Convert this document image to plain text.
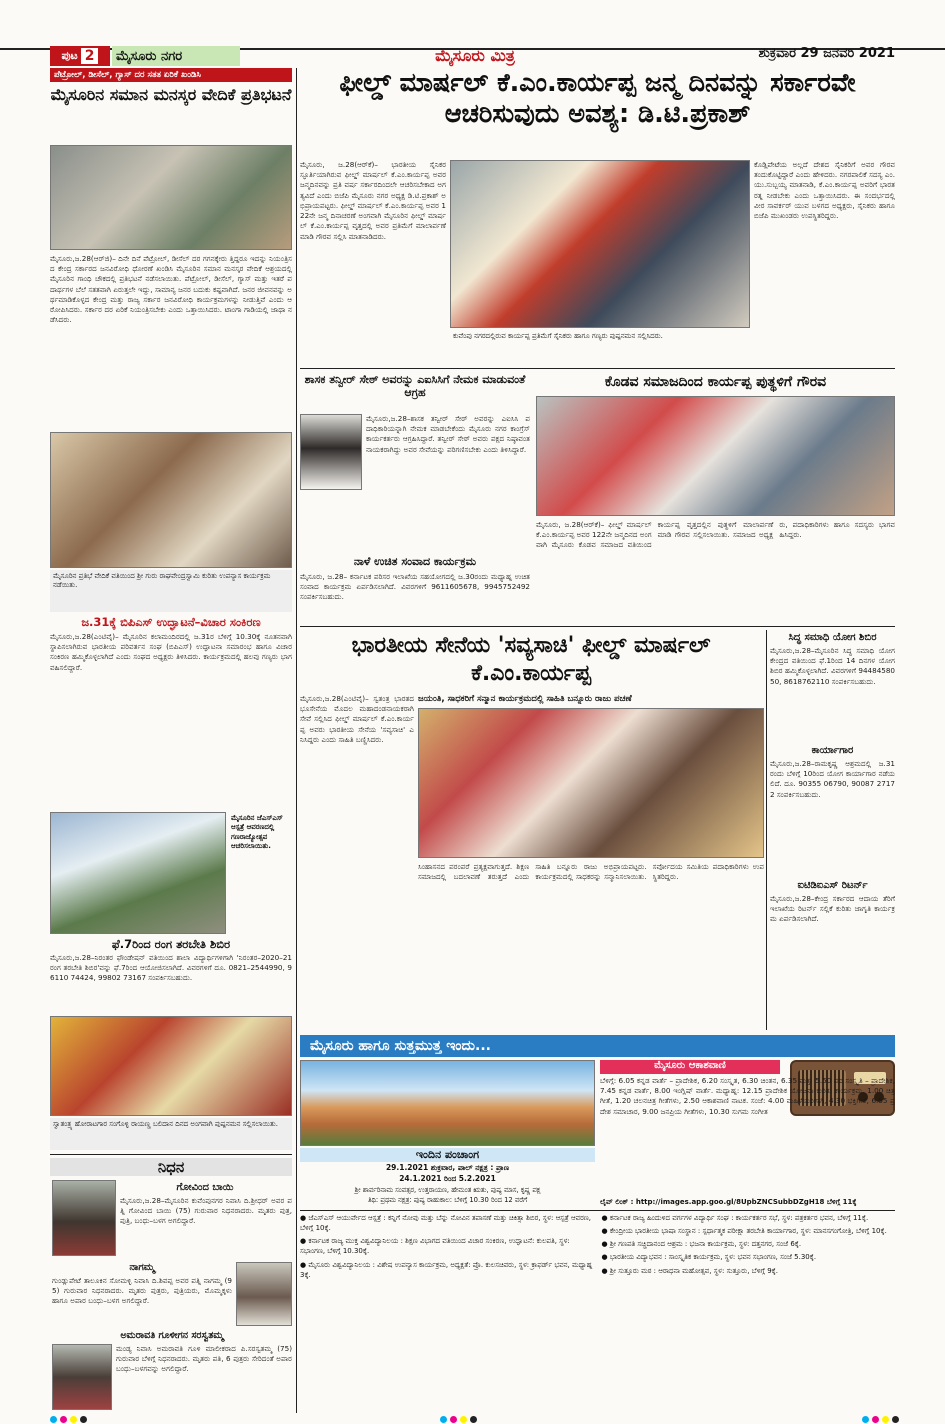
ಪುಟ 2	ಮೈಸೂರು ನಗರ	ಮೈಸೂರು ಮಿತ್ರ	ಶುಕ್ರವಾರ 29 ಜನವರಿ 2021
ಪೆಟ್ರೋಲ್, ಡೀಸೆಲ್, ಗ್ಯಾಸ್ ದರ ಸತತ ಏರಿಕೆ ಖಂಡಿಸಿ
ಮೈಸೂರಿನ ಸಮಾನ ಮನಸ್ಕರ ವೇದಿಕೆ ಪ್ರತಿಭಟನೆ
ಮೈಸೂರು,ಜ.28(ಆರ್‌ಜಿ)– ದಿನೇ ದಿನೆ ಪೆಟ್ರೋಲ್, ಡೀಸೆಲ್ ದರ ಗಗನಕ್ಕೇರು ತ್ತಿದ್ದರೂ ಇದನ್ನು ನಿಯಂತ್ರಿಸದ ಕೇಂದ್ರ ಸರ್ಕಾರದ ಜನವಿರೋಧಿ ಧೋರಣೆ ಖಂಡಿಸಿ ಮೈಸೂರಿನ ಸಮಾನ ಮನಸ್ಕರ ವೇದಿಕೆ ಆಶ್ರಯದಲ್ಲಿ ಮೈಸೂರಿನ ಗಾಂಧಿ ಚೌಕದಲ್ಲಿ ಪ್ರತಿಭಟನೆ ನಡೆಸಲಾಯಿತು. ಪೆಟ್ರೋಲ್, ಡೀಸೆಲ್, ಗ್ಯಾಸ್ ಮತ್ತು ಇತರೆ ಪದಾರ್ಥಗಳ ಬೆಲೆ ಸತತವಾಗಿ ಏರುತ್ತಲೇ ಇದ್ದು, ಸಾಮಾನ್ಯ ಜನರ ಬದುಕು ಕಷ್ಟವಾಗಿದೆ. ಜನರ ಜೀವನವನ್ನು ಅರ್ಥಮಾಡಿಕೊಳ್ಳದ ಕೇಂದ್ರ ಮತ್ತು ರಾಜ್ಯ ಸರ್ಕಾರ ಜನವಿರೋಧಿ ಕಾರ್ಯಕ್ರಮಗಳನ್ನು ನೀಡುತ್ತಿವೆ ಎಂದು ಆರೋಪಿಸಿದರು. ಸರ್ಕಾರ ದರ ಏರಿಕೆ ನಿಯಂತ್ರಿಸಬೇಕು ಎಂದು ಒತ್ತಾಯಿಸಿದರು. ಟಾಂಗಾ ಗಾಡಿಯಲ್ಲಿ ಜಾಥಾ ನಡೆಸಿದರು.
ಮೈಸೂರಿನ ಪ್ರತಿಭೆ ವೇದಿಕೆ ವತಿಯಿಂದ ಶ್ರೀ ಗುರು ರಾಘವೇಂದ್ರಸ್ವಾಮಿ ಕುರಿತು ಉಪನ್ಯಾಸ ಕಾರ್ಯಕ್ರಮ ನಡೆಯಿತು.
ಜ.31ಕ್ಕೆ ಬಿಪಿಎಸ್ ಉದ್ಘಾಟನೆ–ವಿಚಾರ ಸಂಕಿರಣ
ಮೈಸೂರು,ಜ.28(ಎಂಟಿವೈ)– ಮೈಸೂರಿನ ಕಲಾಮಂದಿರದಲ್ಲಿ ಜ.31ರ ಬೆಳಿಗ್ಗೆ 10.30ಕ್ಕೆ ನೂತನವಾಗಿ ಸ್ಥಾಪಿಸಲಾಗಿರುವ ಭಾರತೀಯ ಪರಿವರ್ತನ ಸಂಘ (ಬಿಪಿಎಸ್) ಉದ್ಘಾಟನಾ ಸಮಾರಂಭ ಹಾಗೂ ವಿಚಾರ ಸಂಕಿರಣ ಹಮ್ಮಿಕೊಳ್ಳಲಾಗಿದೆ ಎಂದು ಸಂಘದ ಅಧ್ಯಕ್ಷರು ತಿಳಿಸಿದರು. ಕಾರ್ಯಕ್ರಮದಲ್ಲಿ ಹಲವು ಗಣ್ಯರು ಭಾಗವಹಿಸಲಿದ್ದಾರೆ.
ಮೈಸೂರಿನ ಜೆಎಸ್‌ಎಸ್ ಆಸ್ಪತ್ರೆ ಆವರಣದಲ್ಲಿ ಗಣರಾಜ್ಯೋತ್ಸವ ಆಚರಿಸಲಾಯಿತು.
ಫೆ.7ರಿಂದ ರಂಗ ತರಬೇತಿ ಶಿಬಿರ
ಮೈಸೂರು,ಜ.28–ನಿರಂತರ ಫೌಂಡೇಷನ್ ವತಿಯಿಂದ ಶಾಲಾ ವಿದ್ಯಾರ್ಥಿಗಳಿಗಾಗಿ 'ನಿರಂತರ–2020–21 ರಂಗ ತರಬೇತಿ ಶಿಬಿರ'ವನ್ನು ಫೆ.7ರಿಂದ ಆಯೋಜಿಸಲಾಗಿದೆ. ವಿವರಗಳಿಗೆ ದೂ. 0821–2544990, 96110 74424, 99802 73167 ಸಂಪರ್ಕಿಸಬಹುದು.
ಸ್ವಾತಂತ್ರ್ಯ ಹೋರಾಟಗಾರ ಸಂಗೊಳ್ಳಿ ರಾಯಣ್ಣ ಬಲಿದಾನ ದಿನದ ಅಂಗವಾಗಿ ಪುಷ್ಪನಮನ ಸಲ್ಲಿಸಲಾಯಿತು.
ನಿಧನ
ಗೋವಿಂದ ಬಾಯಿ
ಮೈಸೂರು,ಜ.28–ಮೈಸೂರಿನ ಕುವೆಂಪುನಗರ ನಿವಾಸಿ ದಿ.ಶ್ರೀಧರ್ ಅವರ ಪತ್ನಿ ಗೋವಿಂದ ಬಾಯಿ (75) ಗುರುವಾರ ನಿಧನರಾದರು. ಮೃತರು ಪುತ್ರ, ಪುತ್ರಿ, ಬಂಧು–ಬಳಗ ಅಗಲಿದ್ದಾರೆ.
ನಾಗಮ್ಮ
ಗುಂಡ್ಲುಪೇಟೆ ತಾಲೂಕಿನ ಸೋಮಳ್ಳಿ ನಿವಾಸಿ ದಿ.ಶಿವಪ್ಪ ಅವರ ಪತ್ನಿ ನಾಗಮ್ಮ (95) ಗುರುವಾರ ನಿಧನರಾದರು. ಮೃತರು ಪುತ್ರರು, ಪುತ್ರಿಯರು, ಮೊಮ್ಮಕ್ಕಳು ಹಾಗೂ ಅಪಾರ ಬಂಧು–ಬಳಗ ಅಗಲಿದ್ದಾರೆ.
ಅಮರಾವತಿ ಗೂಳೀಗನ ಸರಸ್ವತಮ್ಮ
ಮಂಡ್ಯ ನಿವಾಸಿ ಅಮರಾವತಿ ಗೂಳಿ ಮಾಲೀಕರಾದ ಪಿ.ಸರಸ್ವತಮ್ಮ (75) ಗುರುವಾರ ಬೆಳಿಗ್ಗೆ ನಿಧನರಾದರು. ಮೃತರು ಪತಿ, 6 ಪುತ್ರರು ಸೇರಿದಂತೆ ಅಪಾರ ಬಂಧು–ಬಳಗವನ್ನು ಅಗಲಿದ್ದಾರೆ.
ಫೀಲ್ಡ್ ಮಾರ್ಷಲ್ ಕೆ.ಎಂ.ಕಾರ್ಯಪ್ಪ ಜನ್ಮ ದಿನವನ್ನು ಸರ್ಕಾರವೇ ಆಚರಿಸುವುದು ಅವಶ್ಯ: ಡಿ.ಟಿ.ಪ್ರಕಾಶ್
ಮೈಸೂರು, ಜ.28(ಆರ್‌ಕೆ)– ಭಾರತೀಯ ಸೈನಿಕರ ಸ್ಫೂರ್ತಿಯಾಗಿರುವ ಫೀಲ್ಡ್ ಮಾರ್ಷಲ್ ಕೆ.ಎಂ.ಕಾರ್ಯಪ್ಪ ಅವರ ಜನ್ಮದಿನವನ್ನು ಪ್ರತಿ ವರ್ಷ ಸರ್ಕಾರದಿಂದಲೇ ಆಚರಿಸಬೇಕಾದ ಅಗತ್ಯವಿದೆ ಎಂದು ಬಿಜೆಪಿ ಮೈಸೂರು ನಗರ ಅಧ್ಯಕ್ಷ ಡಿ.ಟಿ.ಪ್ರಕಾಶ್ ಅಭಿಪ್ರಾಯಪಟ್ಟರು. ಫೀಲ್ಡ್ ಮಾರ್ಷಲ್ ಕೆ.ಎಂ.ಕಾರ್ಯಪ್ಪ ಅವರ 122ನೇ ಜನ್ಮ ದಿನಾಚರಣೆ ಅಂಗವಾಗಿ ಮೈಸೂರಿನ ಫೀಲ್ಡ್ ಮಾರ್ಷಲ್ ಕೆ.ಎಂ.ಕಾರ್ಯಪ್ಪ ವೃತ್ತದಲ್ಲಿ ಅವರ ಪ್ರತಿಮೆಗೆ ಮಾಲಾರ್ಪಣೆ ಮಾಡಿ ಗೌರವ ಸಲ್ಲಿಸಿ ಮಾತನಾಡಿದರು.
ಕುವೆಂಪು ನಗರದಲ್ಲಿರುವ ಕಾರ್ಯಪ್ಪ ಪ್ರತಿಮೆಗೆ ಸೈನಿಕರು ಹಾಗೂ ಗಣ್ಯರು ಪುಷ್ಪನಮನ ಸಲ್ಲಿಸಿದರು.
ಕೊಡ್ಲಿಪೇಟೆಯ ಅಲ್ಲದೆ ದೇಶದ ಸೈನಿಕರಿಗೆ ಅವರ ಗೌರವ ತಂದುಕೊಟ್ಟಿದ್ದಾರೆ ಎಂದು ಹೇಳಿದರು. ನಗರಪಾಲಿಕೆ ಸದಸ್ಯ ಎಂ.ಯು.ಸುಬ್ಬಯ್ಯ ಮಾತನಾಡಿ, ಕೆ.ಎಂ.ಕಾರ್ಯಪ್ಪ ಅವರಿಗೆ ಭಾರತ ರತ್ನ ನೀಡಬೇಕು ಎಂದು ಒತ್ತಾಯಿಸಿದರು. ಈ ಸಂದರ್ಭದಲ್ಲಿ ವೀರ ಸಾವರ್ಕರ್ ಯುವ ಬಳಗದ ಅಧ್ಯಕ್ಷರು, ಸೈನಿಕರು ಹಾಗೂ ಬಿಜೆಪಿ ಮುಖಂಡರು ಉಪಸ್ಥಿತರಿದ್ದರು.
ಶಾಸಕ ತನ್ವೀರ್ ಸೇಠ್ ಅವರನ್ನು ಎಐಸಿಸಿಗೆ ನೇಮಕ ಮಾಡುವಂತೆ ಆಗ್ರಹ
ಮೈಸೂರು,ಜ.28–ಶಾಸಕ ತನ್ವೀರ್ ಸೇಠ್ ಅವರನ್ನು ಎಐಸಿಸಿ ಪದಾಧಿಕಾರಿಯನ್ನಾಗಿ ನೇಮಕ ಮಾಡಬೇಕೆಂದು ಮೈಸೂರು ನಗರ ಕಾಂಗ್ರೆಸ್ ಕಾರ್ಯಕರ್ತರು ಆಗ್ರಹಿಸಿದ್ದಾರೆ. ತನ್ವೀರ್ ಸೇಠ್ ಅವರು ಪಕ್ಷದ ನಿಷ್ಠಾವಂತ ನಾಯಕರಾಗಿದ್ದು ಅವರ ಸೇವೆಯನ್ನು ಪರಿಗಣಿಸಬೇಕು ಎಂದು ತಿಳಿಸಿದ್ದಾರೆ.
ನಾಳೆ ಉಚಿತ ಸಂವಾದ ಕಾರ್ಯಕ್ರಮ
ಮೈಸೂರು, ಜ.28– ಕರ್ನಾಟಕ ಪರಿಸರ ಇಲಾಖೆಯ ಸಹಯೋಗದಲ್ಲಿ ಜ.30ರಂದು ಮಧ್ಯಾಹ್ನ ಉಚಿತ ಸಂವಾದ ಕಾರ್ಯಕ್ರಮ ಏರ್ಪಡಿಸಲಾಗಿದೆ. ವಿವರಗಳಿಗೆ 9611605678, 9945752492 ಸಂಪರ್ಕಿಸಬಹುದು.
ಕೊಡವ ಸಮಾಜದಿಂದ ಕಾರ್ಯಪ್ಪ ಪುತ್ಥಳಿಗೆ ಗೌರವ
ಮೈಸೂರು, ಜ.28(ಆರ್‌ಕೆ)– ಫೀಲ್ಡ್ ಮಾರ್ಷಲ್ ಕೆ.ಎಂ.ಕಾರ್ಯಪ್ಪ ಅವರ 122ನೇ ಜನ್ಮದಿನದ ಅಂಗವಾಗಿ ಮೈಸೂರು ಕೊಡವ ಸಮಾಜದ ವತಿಯಿಂದ ಕಾರ್ಯಪ್ಪ ವೃತ್ತದಲ್ಲಿನ ಪುತ್ಥಳಿಗೆ ಮಾಲಾರ್ಪಣೆ ಮಾಡಿ ಗೌರವ ಸಲ್ಲಿಸಲಾಯಿತು. ಸಮಾಜದ ಅಧ್ಯಕ್ಷರು, ಪದಾಧಿಕಾರಿಗಳು ಹಾಗೂ ಸದಸ್ಯರು ಭಾಗವಹಿಸಿದ್ದರು.
ಭಾರತೀಯ ಸೇನೆಯ 'ಸವ್ಯಸಾಚಿ' ಫೀಲ್ಡ್ ಮಾರ್ಷಲ್ ಕೆ.ಎಂ.ಕಾರ್ಯಪ್ಪ
ಮೈಸೂರು,ಜ.28(ಎಂಟಿವೈ)– ಸ್ವತಂತ್ರ ಭಾರತದ ಭೂಸೇನೆಯ ಮೊದಲ ಮಹಾದಂಡನಾಯಕರಾಗಿ ಸೇವೆ ಸಲ್ಲಿಸಿದ ಫೀಲ್ಡ್ ಮಾರ್ಷಲ್ ಕೆ.ಎಂ.ಕಾರ್ಯಪ್ಪ ಅವರು ಭಾರತೀಯ ಸೇನೆಯ 'ಸವ್ಯಸಾಚಿ' ಎನಿಸಿದ್ದರು ಎಂದು ಸಾಹಿತಿ ಬಣ್ಣಿಸಿದರು.
ಜಯಂತಿ, ಸಾಧಕರಿಗೆ ಸನ್ಮಾನ ಕಾರ್ಯಕ್ರಮದಲ್ಲಿ ಸಾಹಿತಿ ಬನ್ನೂರು ರಾಜು ಪಚಣೆ
ಸಿಂಹಾಸನದ ಪರಂಪರೆ ಪ್ರತ್ಯಕ್ಷವಾಗುತ್ತದೆ. ಶಿಕ್ಷಣ ಸಮಾಜದಲ್ಲಿ ಬದಲಾವಣೆ ತರುತ್ತದೆ ಎಂದು ಸಾಹಿತಿ ಬನ್ನೂರು ರಾಜು ಅಭಿಪ್ರಾಯಪಟ್ಟರು. ಕಾರ್ಯಕ್ರಮದಲ್ಲಿ ಸಾಧಕರನ್ನು ಸನ್ಮಾನಿಸಲಾಯಿತು. ಸರ್ವೋದಯ ಸಮಿತಿಯ ಪದಾಧಿಕಾರಿಗಳು ಉಪಸ್ಥಿತರಿದ್ದರು.
ಸಿದ್ಧ ಸಮಾಧಿ ಯೋಗ ಶಿಬಿರ
ಮೈಸೂರು,ಜ.28–ಮೈಸೂರಿನ ಸಿದ್ಧ ಸಮಾಧಿ ಯೋಗ ಕೇಂದ್ರದ ವತಿಯಿಂದ ಫೆ.1ರಿಂದ 14 ದಿನಗಳ ಯೋಗ ಶಿಬಿರ ಹಮ್ಮಿಕೊಳ್ಳಲಾಗಿದೆ. ವಿವರಗಳಿಗೆ 9448458050, 8618762110 ಸಂಪರ್ಕಿಸಬಹುದು.
ಕಾರ್ಯಾಗಾರ
ಮೈಸೂರು,ಜ.28–ರಾಮಕೃಷ್ಣ ಆಶ್ರಮದಲ್ಲಿ ಜ.31ರಂದು ಬೆಳಿಗ್ಗೆ 10ರಿಂದ ಯೋಗ ಕಾರ್ಯಾಗಾರ ನಡೆಯಲಿದೆ. ದೂ. 90355 06790, 90087 27172 ಸಂಪರ್ಕಿಸಬಹುದು.
ಐಟಿಡಿಐಎಸ್ ರಿಟರ್ನ್
ಮೈಸೂರು,ಜ.28–ಕೇಂದ್ರ ಸರ್ಕಾರದ ಆದಾಯ ತೆರಿಗೆ ಇಲಾಖೆಯ ರಿಟರ್ನ್ ಸಲ್ಲಿಕೆ ಕುರಿತು ಜಾಗೃತಿ ಕಾರ್ಯಕ್ರಮ ಏರ್ಪಡಿಸಲಾಗಿದೆ.
ಮೈಸೂರು ಹಾಗೂ ಸುತ್ತಮುತ್ತ ಇಂದು...
ಇಂದಿನ ಪಂಚಾಂಗ
29.1.2021 ಶುಕ್ರವಾರ, ಪಾಲ್ ನಕ್ಷತ್ರ : ಪ್ರಾಣ
24.1.2021 ರಿಂದ 5.2.2021
ಶ್ರೀ ಶಾರ್ವರಿನಾಮ ಸಂವತ್ಸರ, ಉತ್ತರಾಯಣ, ಹೇಮಂತ ಋತು, ಪುಷ್ಯ ಮಾಸ, ಕೃಷ್ಣ ಪಕ್ಷ
ತಿಥಿ: ಪ್ರಥಮ ನಕ್ಷತ್ರ: ಪುಷ್ಯ ರಾಹುಕಾಲ: ಬೆಳಿಗ್ಗೆ 10.30 ರಿಂದ 12 ವರೆಗೆ
ಮೈಸೂರು ಆಕಾಶವಾಣಿ
ಬೆಳಿಗ್ಗೆ: 6.05 ಕನ್ನಡ ವಾರ್ತೆ – ಪ್ರಾದೇಶಿಕ, 6.20 ಸಂಸ್ಕೃತ, 6.30 ಚಿಂತನ, 6.35 ಮತ್ತು 5.50 ಪದ ಸಂಸ್ಕೃತಿ – ಪ್ರಾದೇಶಿಕ, 7.45 ಕನ್ನಡ ವಾರ್ತೆ, 8.00 ಇಂಗ್ಲಿಷ್ ವಾರ್ತೆ. ಮಧ್ಯಾಹ್ನ: 12.15 ಪ್ರಾದೇಶಿಕ ಯೋಜನಾ ಕುರಿತು ಕಾರ್ಯಕ್ರಮ, 1.00 ಚಿತ್ರಗೀತೆ, 1.20 ಚಲನಚಿತ್ರ ಗೀತೆಗಳು, 2.50 ಆಕಾಶವಾಣಿ ನಾಟಕ. ಸಂಜೆ: 4.00 ಮಹಿಳೆಯರಿಗಾಗಿ, 4.30 ಭಕ್ತಿಗೀತೆ, 6.55 ಪ್ರದೇಶ ಸಮಾಚಾರ, 9.00 ಜನಪ್ರಿಯ ಗೀತೆಗಳು, 10.30 ಸುಗಮ ಸಂಗೀತ
ಲೈವ್ ಲಿಂಕ್ : http://images.app.goo.gl/8UpbZNCSubbDZgH18 ಬೆಳಿಗ್ಗೆ 11ಕ್ಕೆ

● ಜೆಎಸ್ಎಸ್ ಆಯುರ್ವೇದ ಆಸ್ಪತ್ರೆ : ಕನ್ನಿಗೆ ನೋವು ಮತ್ತು ಬೆನ್ನು ನೋವಿನ ತಪಾಸಣೆ ಮತ್ತು ಚಿಕಿತ್ಸಾ ಶಿಬಿರ, ಸ್ಥಳ: ಆಸ್ಪತ್ರೆ ಆವರಣ, ಬೆಳಿಗ್ಗೆ 10ಕ್ಕೆ.

● ಕರ್ನಾಟಕ ರಾಜ್ಯ ಮುಕ್ತ ವಿಶ್ವವಿದ್ಯಾನಿಲಯ : ಶಿಕ್ಷಣ ವಿಭಾಗದ ವತಿಯಿಂದ ವಿಚಾರ ಸಂಕಿರಣ, ಉದ್ಘಾಟನೆ: ಕುಲಪತಿ, ಸ್ಥಳ: ಸಭಾಂಗಣ, ಬೆಳಿಗ್ಗೆ 10.30ಕ್ಕೆ.

● ಮೈಸೂರು ವಿಶ್ವವಿದ್ಯಾನಿಲಯ : ವಿಶೇಷ ಉಪನ್ಯಾಸ ಕಾರ್ಯಕ್ರಮ, ಅಧ್ಯಕ್ಷತೆ: ಪ್ರೊ. ಕುಲಸಚಿವರು, ಸ್ಥಳ: ಕ್ರಾಫರ್ಡ್ ಭವನ, ಮಧ್ಯಾಹ್ನ 3ಕ್ಕೆ.

● ಕರ್ನಾಟಕ ರಾಜ್ಯ ಹಿಂದುಳಿದ ವರ್ಗಗಳ ವಿದ್ಯಾರ್ಥಿ ಸಂಘ : ಕಾರ್ಯಕರ್ತರ ಸಭೆ, ಸ್ಥಳ: ಪತ್ರಕರ್ತರ ಭವನ, ಬೆಳಿಗ್ಗೆ 11ಕ್ಕೆ.

● ಕೇಂದ್ರೀಯ ಭಾರತೀಯ ಭಾಷಾ ಸಂಸ್ಥಾನ : ಸ್ಪರ್ಧಾತ್ಮಕ ಪರೀಕ್ಷಾ ತರಬೇತಿ ಕಾರ್ಯಾಗಾರ, ಸ್ಥಳ: ಮಾನಸಗಂಗೋತ್ರಿ, ಬೆಳಿಗ್ಗೆ 10ಕ್ಕೆ.

● ಶ್ರೀ ಗಣಪತಿ ಸಚ್ಚಿದಾನಂದ ಆಶ್ರಮ : ಭಜನಾ ಕಾರ್ಯಕ್ರಮ, ಸ್ಥಳ: ದತ್ತನಗರ, ಸಂಜೆ 6ಕ್ಕೆ.

● ಭಾರತೀಯ ವಿದ್ಯಾಭವನ : ಸಾಂಸ್ಕೃತಿಕ ಕಾರ್ಯಕ್ರಮ, ಸ್ಥಳ: ಭವನ ಸಭಾಂಗಣ, ಸಂಜೆ 5.30ಕ್ಕೆ.

● ಶ್ರೀ ಸುತ್ತೂರು ಮಠ : ಆರಾಧನಾ ಮಹೋತ್ಸವ, ಸ್ಥಳ: ಸುತ್ತೂರು, ಬೆಳಿಗ್ಗೆ 9ಕ್ಕೆ.
